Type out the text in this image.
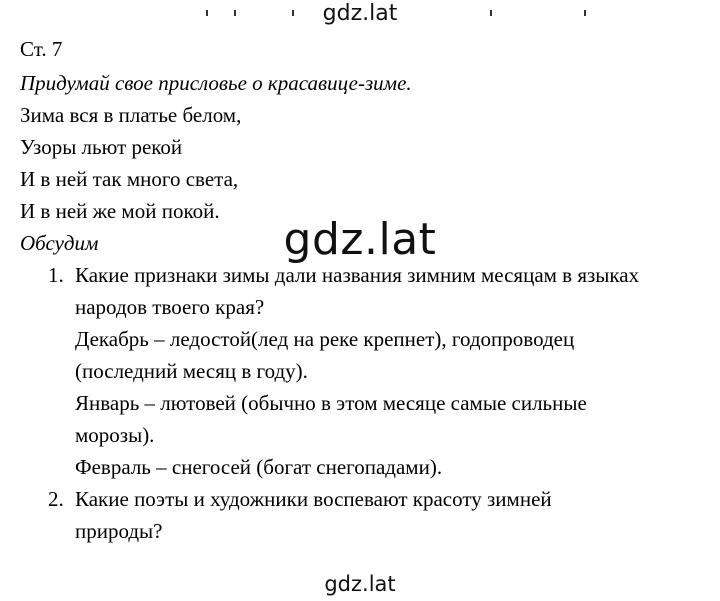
gdz.lat
Ст. 7
Придумай свое присловье о красавице-зиме.
Зима вся в платье белом,
Узоры льют рекой
И в ней так много света,
И в ней же мой покой.
Обсудим	gdz.lat
1. Какие признаки зимы дали названия зимним месяцам в языках
народов твоего края?
Декабрь – ледостой(лед на реке крепнет), годопроводец
(последний месяц в году).
Январь – лютовей (обычно в этом месяце самые сильные
морозы).
Февраль – снегосей (богат снегопадами).
2. Какие поэты и художники воспевают красоту зимней
природы?
gdz.lat
